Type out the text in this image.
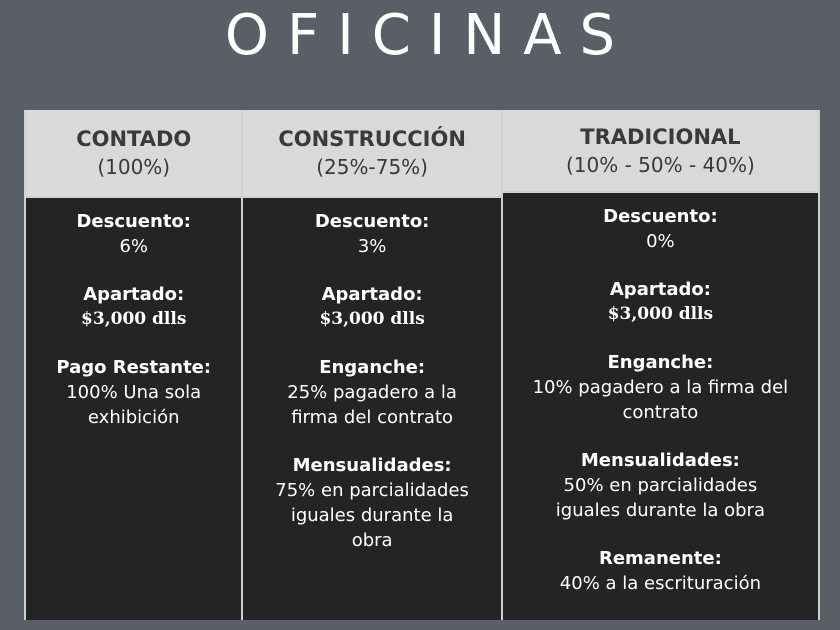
OFICINAS
CONTADO
(100%)
Descuento:
6%
Apartado:
$3,000 dlls
Pago Restante:
100% Una sola exhibición
CONSTRUCCIÓN
(25%-75%)
Descuento:
3%
Apartado:
$3,000 dlls
Enganche:
25% pagadero a la firma del contrato
Mensualidades:
75% en parcialidades iguales durante la obra
TRADICIONAL
(10% - 50% - 40%)
Descuento:
0%
Apartado:
$3,000 dlls
Enganche:
10% pagadero a la firma del contrato
Mensualidades:
50% en parcialidades iguales durante la obra
Remanente:
40% a la escrituración
